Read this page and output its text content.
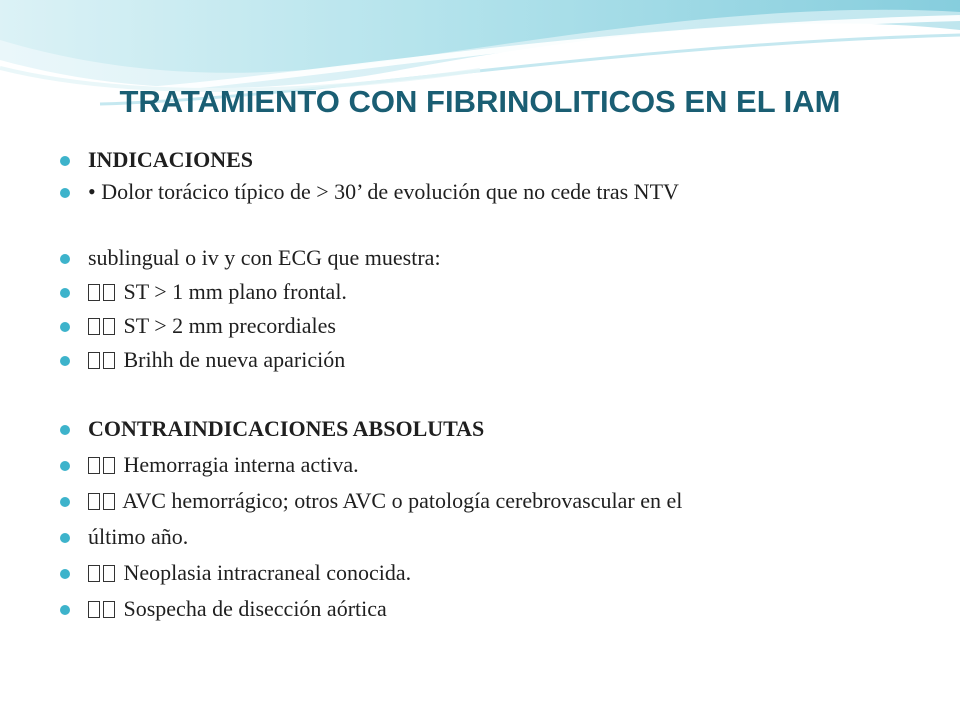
TRATAMIENTO CON FIBRINOLITICOS EN EL IAM
INDICACIONES
• Dolor torácico típico de > 30’ de evolución que no cede tras NTV
sublingual o iv y con ECG que muestra:
ST > 1 mm plano frontal.
ST > 2 mm precordiales
Brihh de nueva aparición
CONTRAINDICACIONES ABSOLUTAS
Hemorragia interna activa.
AVC hemorrágico; otros AVC o patología cerebrovascular en el
último año.
Neoplasia intracraneal conocida.
Sospecha de disección aórtica
